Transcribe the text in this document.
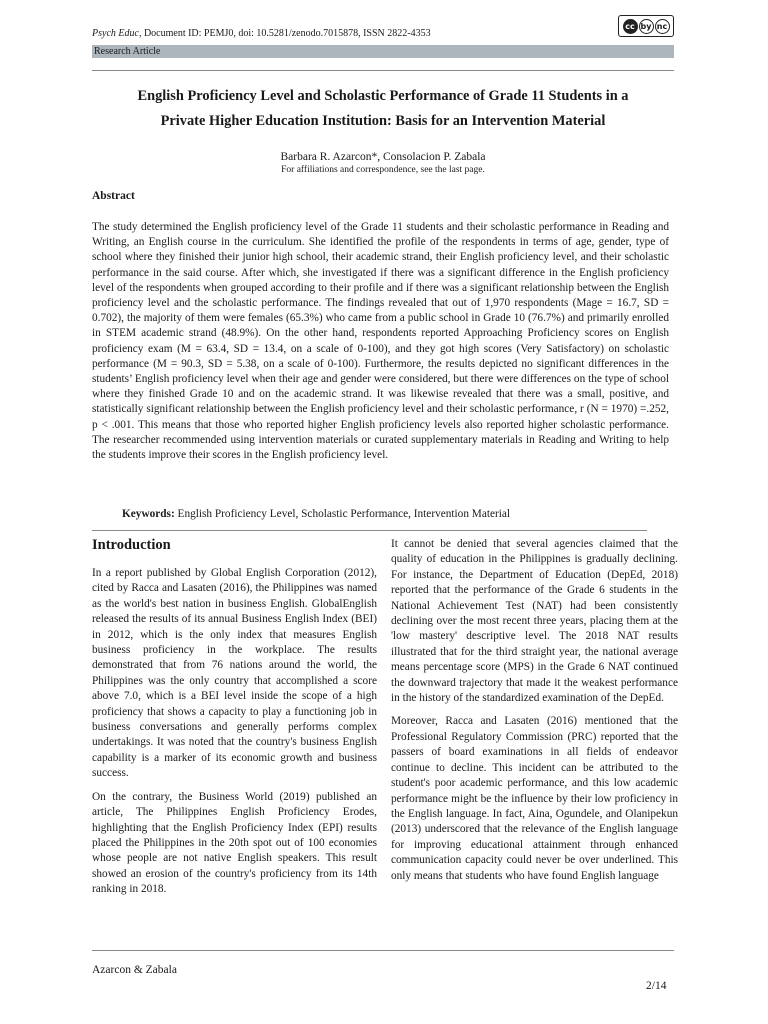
Psych Educ, Document ID: PEMJ0, doi: 10.5281/zenodo.7015878, ISSN 2822-4353
cc by nc
Research Article
English Proficiency Level and Scholastic Performance of Grade 11 Students in a
Private Higher Education Institution: Basis for an Intervention Material
Barbara R. Azarcon*, Consolacion P. Zabala
For affiliations and correspondence, see the last page.
Abstract
The study determined the English proficiency level of the Grade 11 students and their scholastic performance in Reading and Writing, an English course in the curriculum. She identified the profile of the respondents in terms of age, gender, type of school where they finished their junior high school, their academic strand, their English proficiency level, and their scholastic performance in the said course. After which, she investigated if there was a significant difference in the English proficiency level of the respondents when grouped according to their profile and if there was a significant relationship between the English proficiency level and the scholastic performance. The findings revealed that out of 1,970 respondents (Mage = 16.7, SD = 0.702), the majority of them were females (65.3%) who came from a public school in Grade 10 (76.7%) and primarily enrolled in STEM academic strand (48.9%). On the other hand, respondents reported Approaching Proficiency scores on English proficiency exam (M = 63.4, SD = 13.4, on a scale of 0-100), and they got high scores (Very Satisfactory) on scholastic performance (M = 90.3, SD = 5.38, on a scale of 0-100). Furthermore, the results depicted no significant differences in the students’ English proficiency level when their age and gender were considered, but there were differences on the type of school where they finished Grade 10 and on the academic strand. It was likewise revealed that there was a small, positive, and statistically significant relationship between the English proficiency level and their scholastic performance, r (N = 1970) =.252, p < .001. This means that those who reported higher English proficiency levels also reported higher scholastic performance. The researcher recommended using intervention materials or curated supplementary materials in Reading and Writing to help the students improve their scores in the English proficiency level.
Keywords: English Proficiency Level, Scholastic Performance, Intervention Material
Introduction

In a report published by Global English Corporation (2012), cited by Racca and Lasaten (2016), the Philippines was named as the world's best nation in business English. GlobalEnglish released the results of its annual Business English Index (BEI) in 2012, which is the only index that measures English business proficiency in the workplace. The results demonstrated that from 76 nations around the world, the Philippines was the only country that accomplished a score above 7.0, which is a BEI level inside the scope of a high proficiency that shows a capacity to play a functioning job in business conversations and generally performs complex undertakings. It was noted that the country's business English capability is a marker of its economic growth and business success.

On the contrary, the Business World (2019) published an article, The Philippines English Proficiency Erodes, highlighting that the English Proficiency Index (EPI) results placed the Philippines in the 20th spot out of 100 economies whose people are not native English speakers. This result showed an erosion of the country's proficiency from its 14th ranking in 2018.

It cannot be denied that several agencies claimed that the quality of education in the Philippines is gradually declining. For instance, the Department of Education (DepEd, 2018) reported that the performance of the Grade 6 students in the National Achievement Test (NAT) had been consistently declining over the most recent three years, placing them at the 'low mastery' descriptive level. The 2018 NAT results illustrated that for the third straight year, the national average means percentage score (MPS) in the Grade 6 NAT continued the downward trajectory that made it the weakest performance in the history of the standardized examination of the DepEd.

Moreover, Racca and Lasaten (2016) mentioned that the Professional Regulatory Commission (PRC) reported that the passers of board examinations in all fields of endeavor continue to decline. This incident can be attributed to the student's poor academic performance, and this low academic performance might be the influence by their low proficiency in the English language. In fact, Aina, Ogundele, and Olanipekun (2013) underscored that the relevance of the English language for improving educational attainment through enhanced communication capacity could never be over underlined. This only means that students who have found English language

Azarcon & Zabala
2/14
